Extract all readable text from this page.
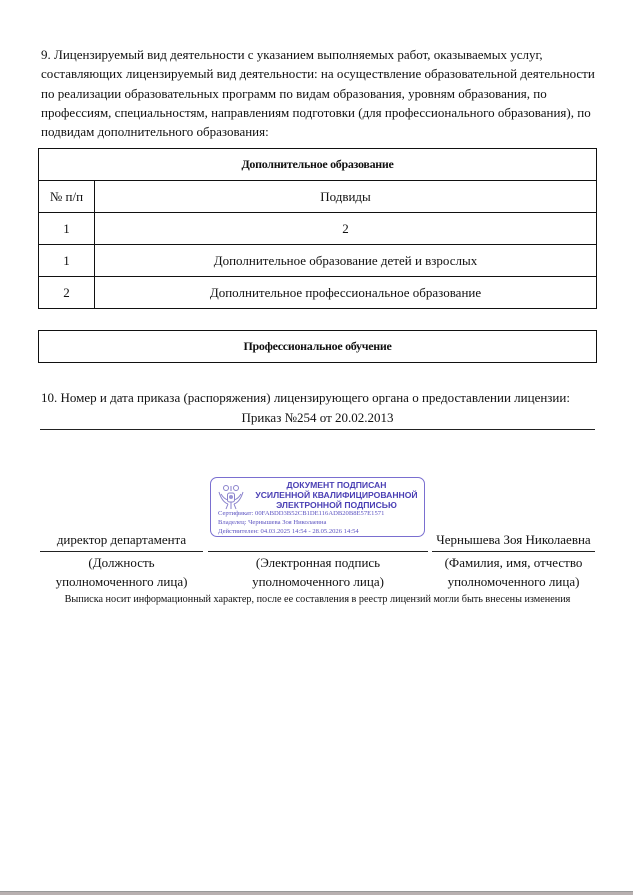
9. Лицензируемый вид деятельности с указанием выполняемых работ, оказываемых услуг, составляющих лицензируемый вид деятельности: на осуществление образовательной деятельности по реализации образовательных программ по видам образования, уровням образования, по профессиям, специальностям, направлениям подготовки (для профессионального образования), по подвидам дополнительного образования:
Дополнительное образование	
№ п/п	Подвиды
1	2
1	Дополнительное образование детей и взрослых
2	Дополнительное профессиональное образование
Профессиональное обучение
10. Номер и дата приказа (распоряжения) лицензирующего органа о предоставлении лицензии:
Приказ №254 от 20.02.2013
ДОКУМЕНТ ПОДПИСАН
УСИЛЕННОЙ КВАЛИФИЦИРОВАННОЙ
ЭЛЕКТРОННОЙ ПОДПИСЬЮ
Сертификат: 00FABDD3B52CB1DE116ADB20B8E57E1571
Владелец: Чернышева Зоя Николаевна
Действителен: 04.03.2025 14:54 - 28.05.2026 14:54
директор департамента	Чернышева Зоя Николаевна
(Должность
уполномоченного лица)
(Электронная подпись
уполномоченного лица)
(Фамилия, имя, отчество
уполномоченного лица)
Выписка носит информационный характер, после ее составления в реестр лицензий могли быть внесены изменения
